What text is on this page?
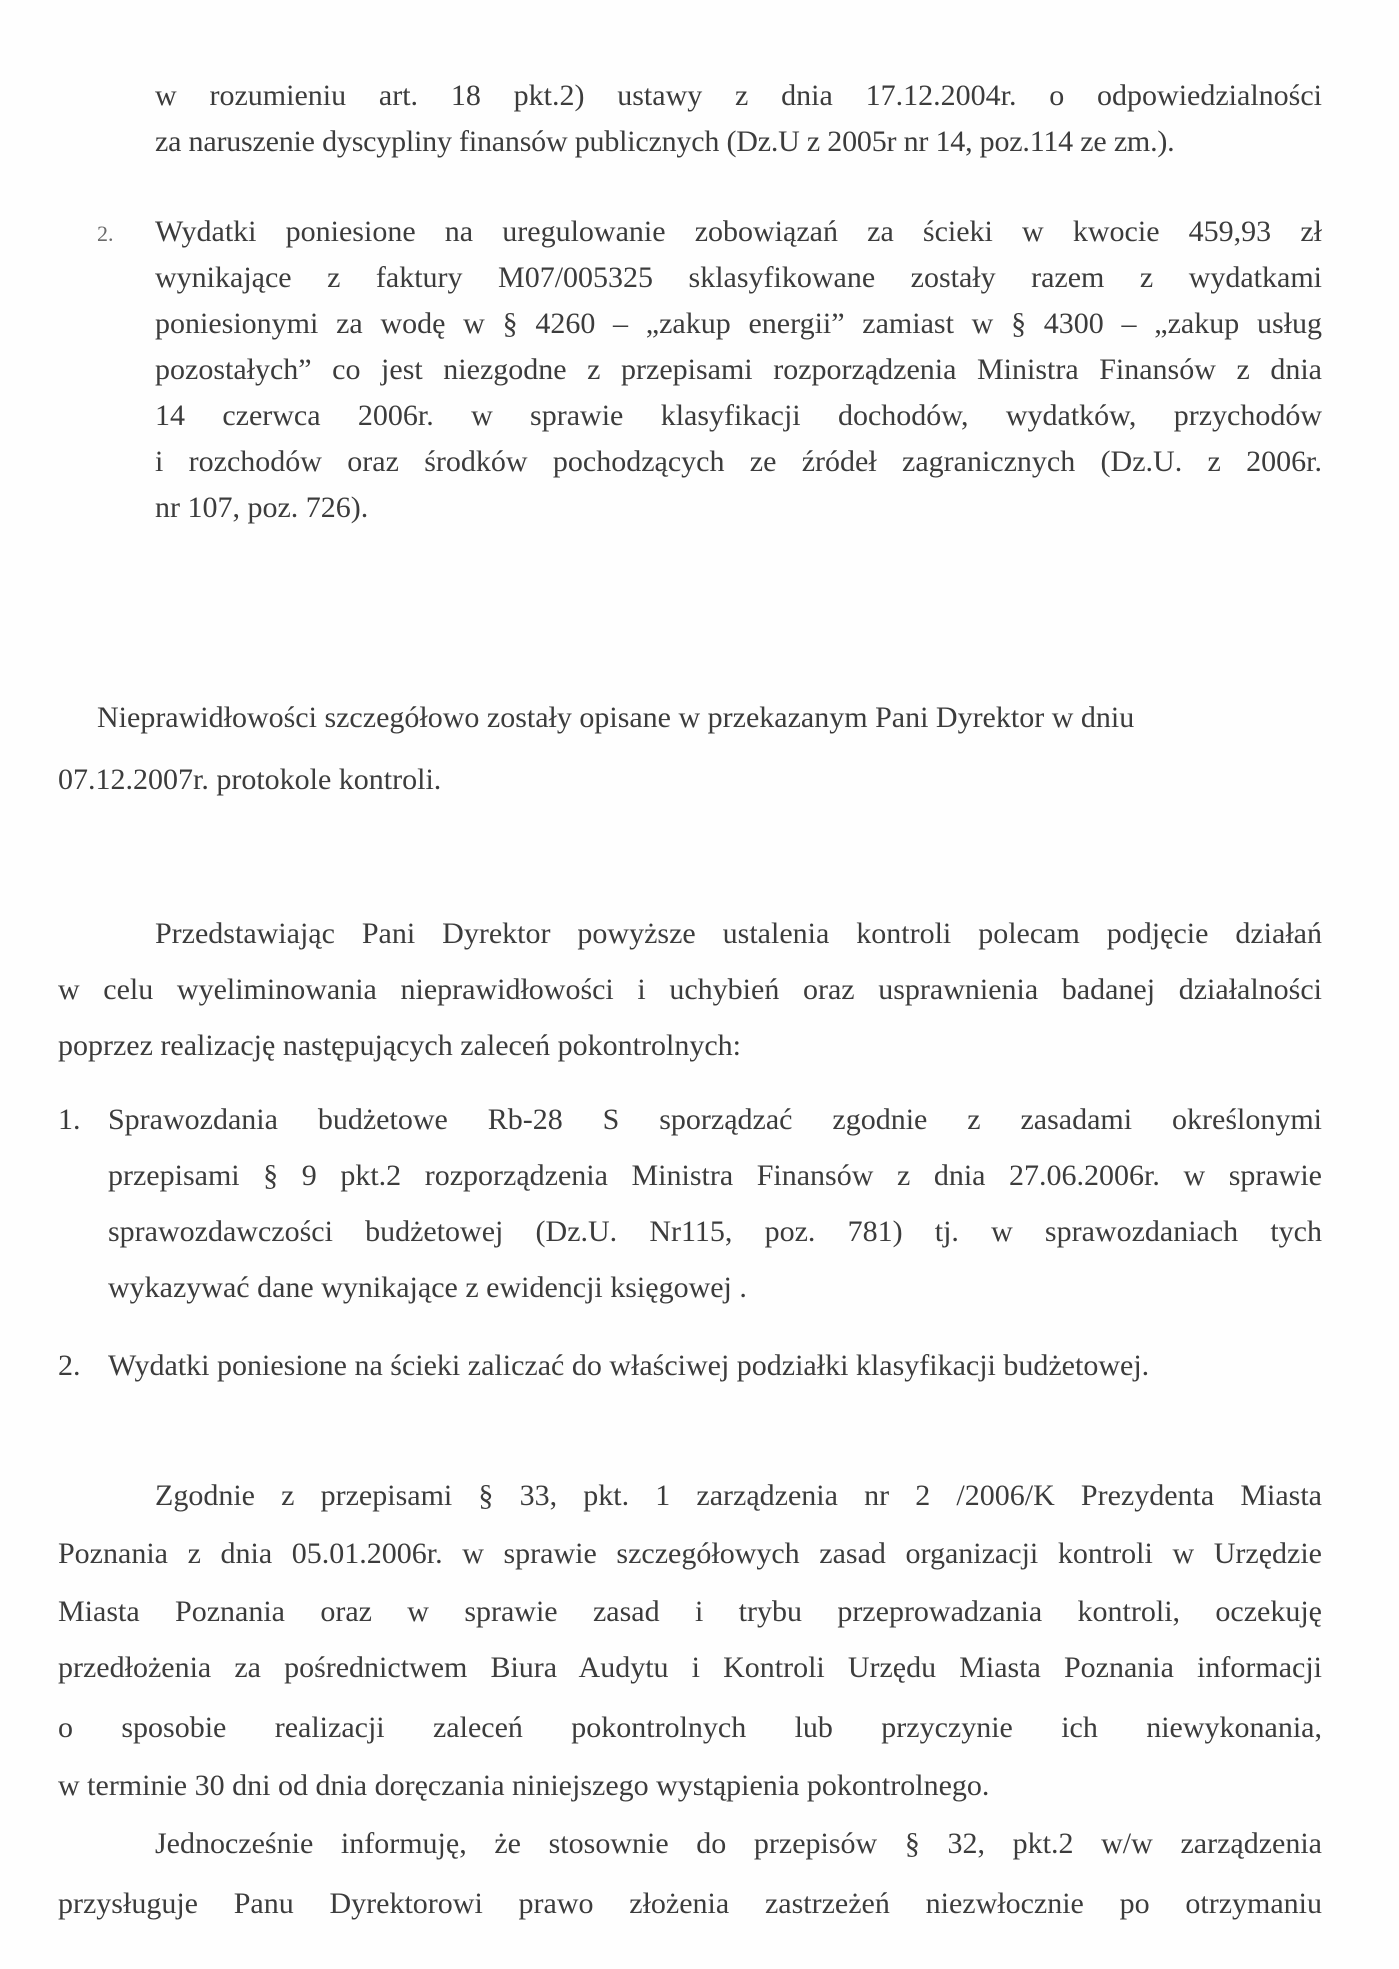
w rozumieniu art. 18 pkt.2) ustawy z dnia 17.12.2004r. o odpowiedzialności
za naruszenie dyscypliny finansów publicznych (Dz.U z 2005r nr 14, poz.114 ze zm.).
2. Wydatki poniesione na uregulowanie zobowiązań za ścieki w kwocie 459,93 zł
wynikające z faktury M07/005325 sklasyfikowane zostały razem z wydatkami
poniesionymi za wodę w § 4260 – „zakup energii” zamiast w § 4300 – „zakup usług
pozostałych” co jest niezgodne z przepisami rozporządzenia Ministra Finansów z dnia
14 czerwca 2006r. w sprawie klasyfikacji dochodów, wydatków, przychodów
i rozchodów oraz środków pochodzących ze źródeł zagranicznych (Dz.U. z 2006r.
nr 107, poz. 726).
Nieprawidłowości szczegółowo zostały opisane w przekazanym Pani Dyrektor w dniu
07.12.2007r. protokole kontroli.
Przedstawiając Pani Dyrektor powyższe ustalenia kontroli polecam podjęcie działań
w celu wyeliminowania nieprawidłowości i uchybień oraz usprawnienia badanej działalności
poprzez realizację następujących zaleceń pokontrolnych:
1. Sprawozdania budżetowe Rb-28 S sporządzać zgodnie z zasadami określonymi
przepisami § 9 pkt.2 rozporządzenia Ministra Finansów z dnia 27.06.2006r. w sprawie
sprawozdawczości budżetowej (Dz.U. Nr115, poz. 781) tj. w sprawozdaniach tych
wykazywać dane wynikające z ewidencji księgowej .
2. Wydatki poniesione na ścieki zaliczać do właściwej podziałki klasyfikacji budżetowej.
Zgodnie z przepisami § 33, pkt. 1 zarządzenia nr 2 /2006/K Prezydenta Miasta
Poznania z dnia 05.01.2006r. w sprawie szczegółowych zasad organizacji kontroli w Urzędzie
Miasta Poznania oraz w sprawie zasad i trybu przeprowadzania kontroli, oczekuję
przedłożenia za pośrednictwem Biura Audytu i Kontroli Urzędu Miasta Poznania informacji
o sposobie realizacji zaleceń pokontrolnych lub przyczynie ich niewykonania,
w terminie 30 dni od dnia doręczania niniejszego wystąpienia pokontrolnego.
Jednocześnie informuję, że stosownie do przepisów § 32, pkt.2 w/w zarządzenia
przysługuje Panu Dyrektorowi prawo złożenia zastrzeżeń niezwłocznie po otrzymaniu
